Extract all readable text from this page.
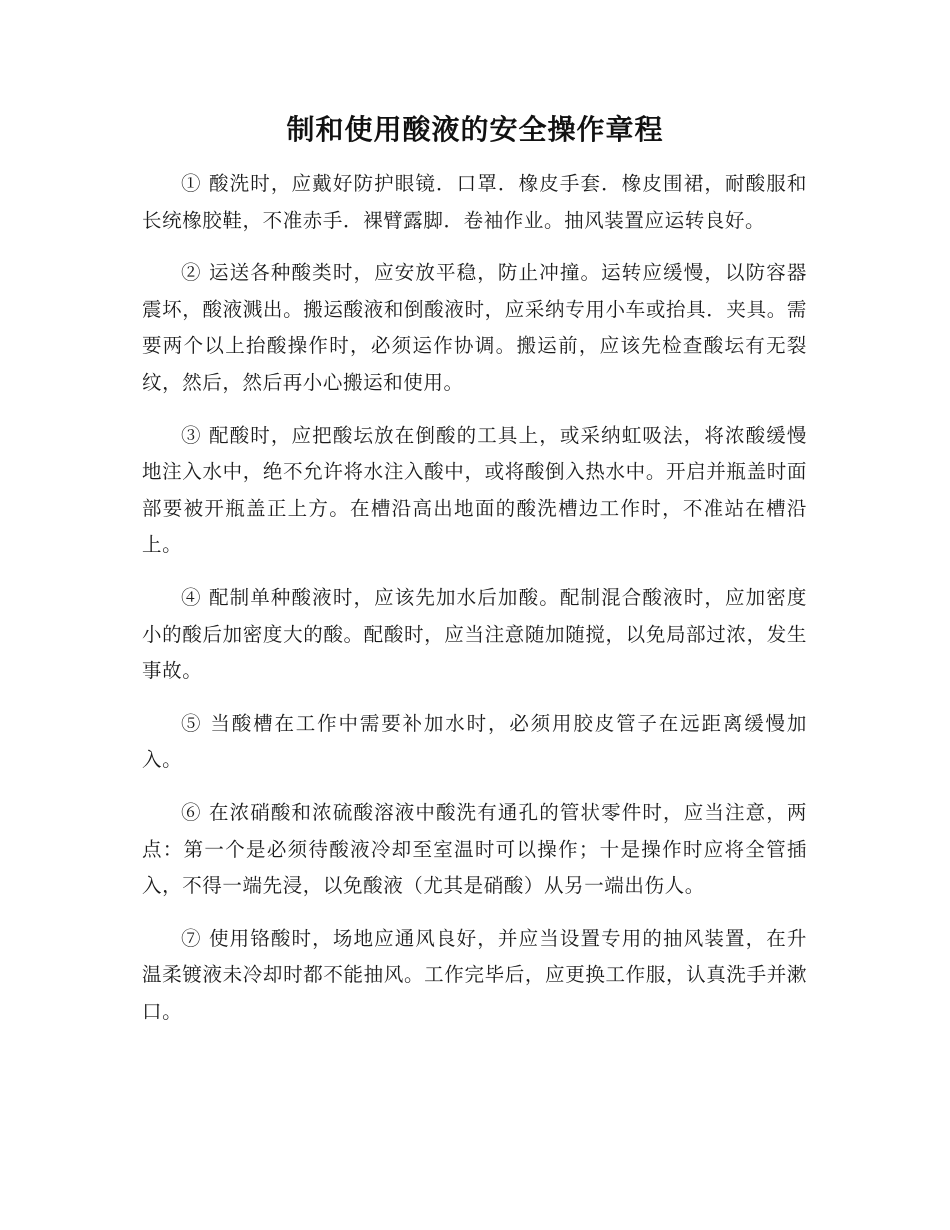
制和使用酸液的安全操作章程

① 酸洗时，应戴好防护眼镜．口罩．橡皮手套．橡皮围裙，耐酸服和长统橡胶鞋，不准赤手．裸臂露脚．卷袖作业。抽风装置应运转良好。

② 运送各种酸类时，应安放平稳，防止冲撞。运转应缓慢，以防容器震坏，酸液溅出。搬运酸液和倒酸液时，应采纳专用小车或抬具．夹具。需要两个以上抬酸操作时，必须运作协调。搬运前，应该先检查酸坛有无裂纹，然后，然后再小心搬运和使用。

③ 配酸时，应把酸坛放在倒酸的工具上，或采纳虹吸法，将浓酸缓慢地注入水中，绝不允许将水注入酸中，或将酸倒入热水中。开启并瓶盖时面部要被开瓶盖正上方。在槽沿高出地面的酸洗槽边工作时，不准站在槽沿上。

④ 配制单种酸液时，应该先加水后加酸。配制混合酸液时，应加密度小的酸后加密度大的酸。配酸时，应当注意随加随搅，以免局部过浓，发生事故。

⑤ 当酸槽在工作中需要补加水时，必须用胶皮管子在远距离缓慢加入。

⑥ 在浓硝酸和浓硫酸溶液中酸洗有通孔的管状零件时，应当注意，两点：第一个是必须待酸液冷却至室温时可以操作；十是操作时应将全管插入，不得一端先浸，以免酸液（尤其是硝酸）从另一端出伤人。

⑦ 使用铬酸时，场地应通风良好，并应当设置专用的抽风装置，在升温柔镀液未冷却时都不能抽风。工作完毕后，应更换工作服，认真洗手并漱口。
